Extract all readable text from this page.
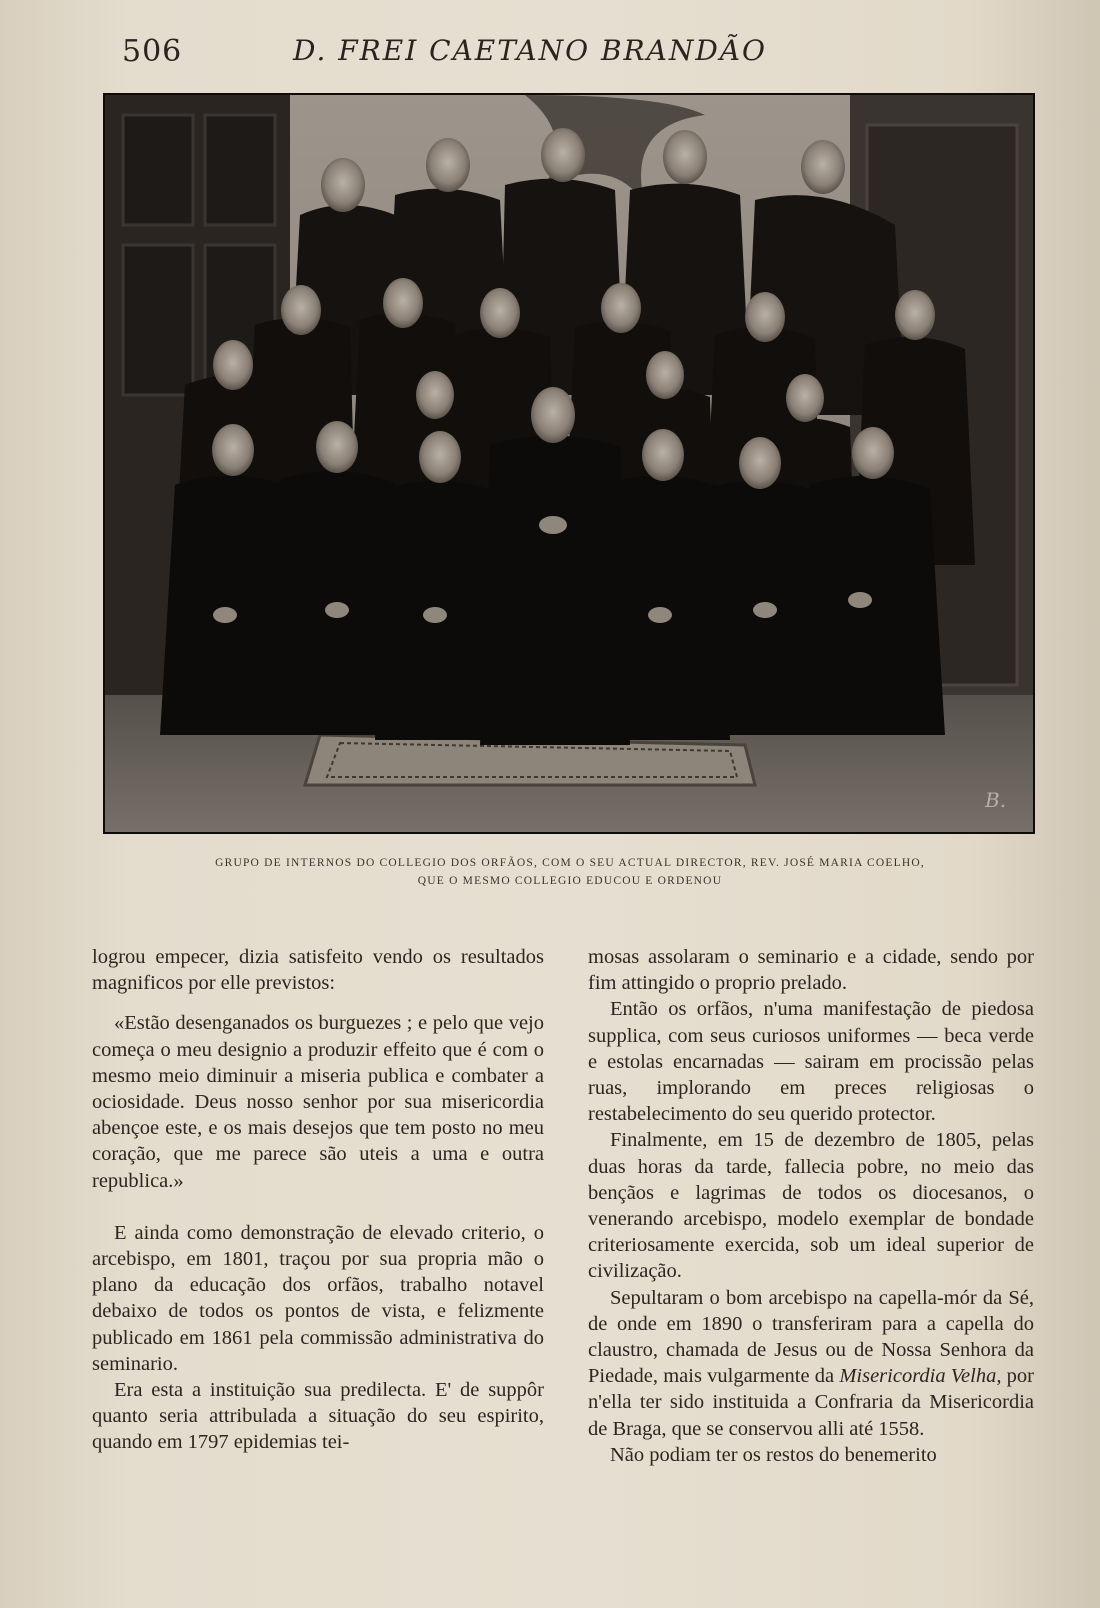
506	D. FREI CAETANO BRANDÃO
B.
GRUPO DE INTERNOS DO COLLEGIO DOS ORFÃOS, COM O SEU ACTUAL DIRECTOR, REV. JOSÉ MARIA COELHO,
QUE O MESMO COLLEGIO EDUCOU E ORDENOU

logrou empecer, dizia satisfeito vendo os resultados magnificos por elle previstos:

«Estão desenganados os burguezes ; e pelo que vejo começa o meu designio a produzir effeito que é com o mesmo meio diminuir a miseria publica e combater a ociosidade. Deus nosso senhor por sua misericordia abençoe este, e os mais desejos que tem posto no meu coração, que me parece são uteis a uma e outra republica.»

E ainda como demonstração de elevado criterio, o arcebispo, em 1801, traçou por sua propria mão o plano da educação dos orfãos, trabalho notavel debaixo de todos os pontos de vista, e felizmente publicado em 1861 pela commissão administrativa do seminario.

Era esta a instituição sua predilecta. E' de suppôr quanto seria attribulada a situação do seu espirito, quando em 1797 epidemias tei-

mosas assolaram o seminario e a cidade, sendo por fim attingido o proprio prelado.

Então os orfãos, n'uma manifestação de piedosa supplica, com seus curiosos uniformes — beca verde e estolas encarnadas — sairam em procissão pelas ruas, implorando em preces religiosas o restabelecimento do seu querido protector.

Finalmente, em 15 de dezembro de 1805, pelas duas horas da tarde, fallecia pobre, no meio das bençãos e lagrimas de todos os diocesanos, o venerando arcebispo, modelo exemplar de bondade criteriosamente exercida, sob um ideal superior de civilização.

Sepultaram o bom arcebispo na capella-mór da Sé, de onde em 1890 o transferiram para a capella do claustro, chamada de Jesus ou de Nossa Senhora da Piedade, mais vulgarmente da Misericordia Velha, por n'ella ter sido instituida a Confraria da Misericordia de Braga, que se conservou alli até 1558.

Não podiam ter os restos do benemerito
